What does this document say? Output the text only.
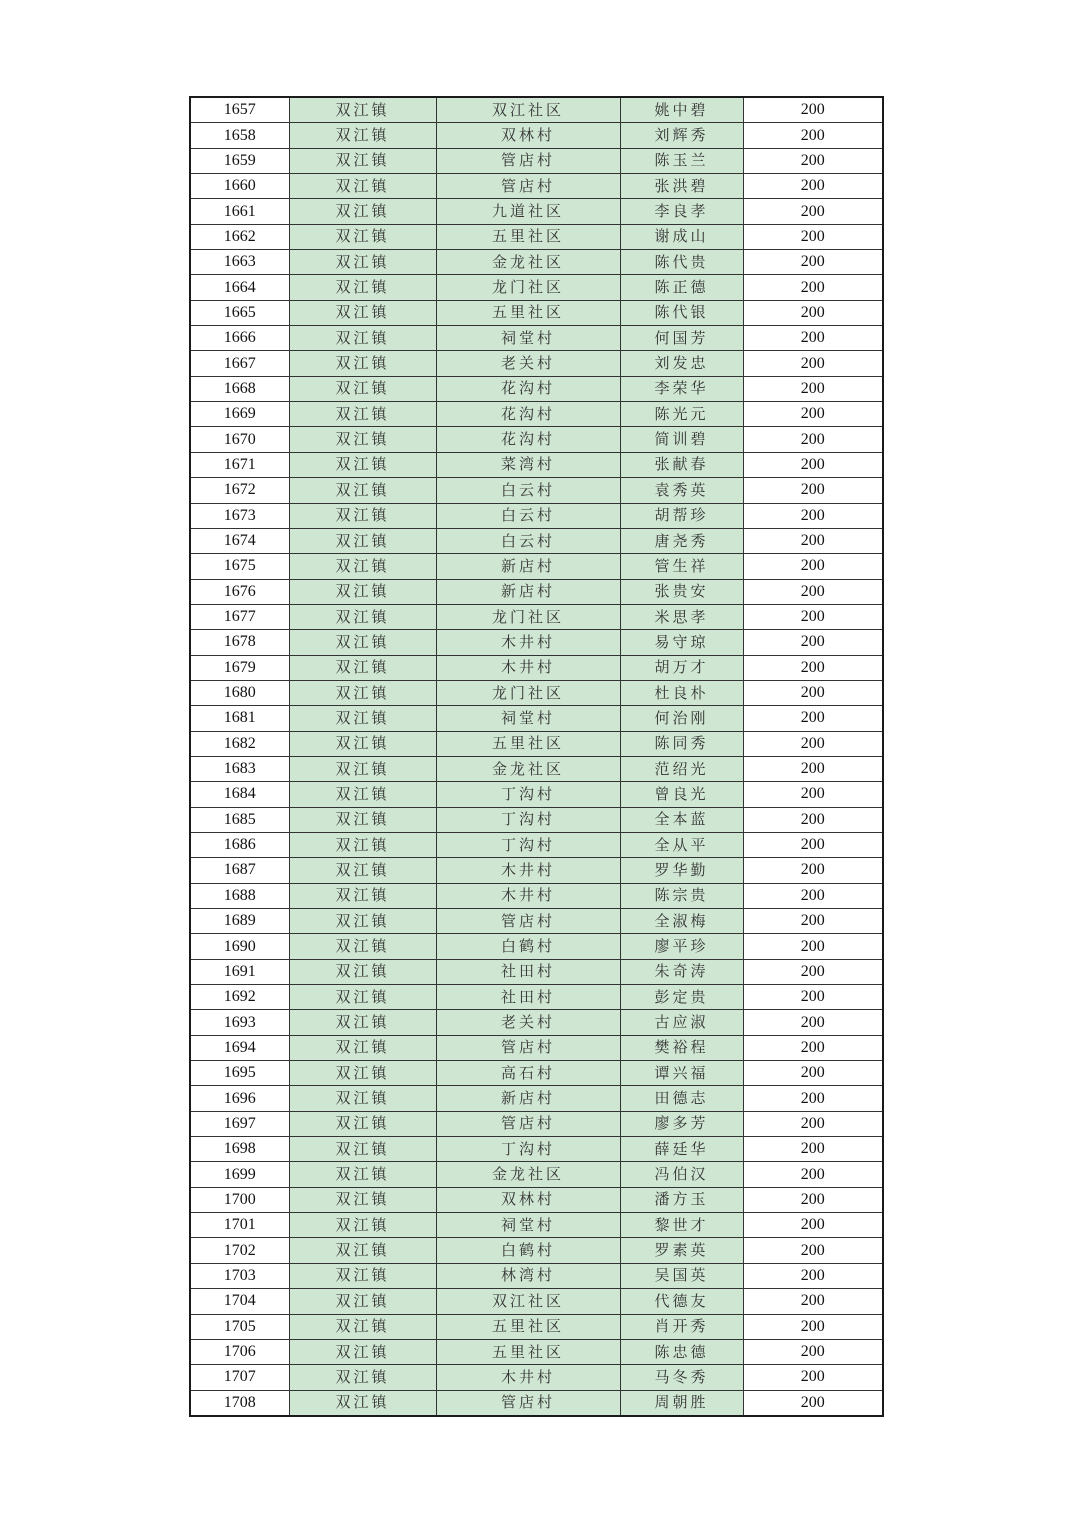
1657	双江镇	双江社区	姚中碧	200
1658	双江镇	双林村	刘辉秀	200
1659	双江镇	管店村	陈玉兰	200
1660	双江镇	管店村	张洪碧	200
1661	双江镇	九道社区	李良孝	200
1662	双江镇	五里社区	谢成山	200
1663	双江镇	金龙社区	陈代贵	200
1664	双江镇	龙门社区	陈正德	200
1665	双江镇	五里社区	陈代银	200
1666	双江镇	祠堂村	何国芳	200
1667	双江镇	老关村	刘发忠	200
1668	双江镇	花沟村	李荣华	200
1669	双江镇	花沟村	陈光元	200
1670	双江镇	花沟村	简训碧	200
1671	双江镇	菜湾村	张献春	200
1672	双江镇	白云村	袁秀英	200
1673	双江镇	白云村	胡帮珍	200
1674	双江镇	白云村	唐尧秀	200
1675	双江镇	新店村	管生祥	200
1676	双江镇	新店村	张贵安	200
1677	双江镇	龙门社区	米思孝	200
1678	双江镇	木井村	易守琼	200
1679	双江镇	木井村	胡万才	200
1680	双江镇	龙门社区	杜良朴	200
1681	双江镇	祠堂村	何治刚	200
1682	双江镇	五里社区	陈同秀	200
1683	双江镇	金龙社区	范绍光	200
1684	双江镇	丁沟村	曾良光	200
1685	双江镇	丁沟村	全本蓝	200
1686	双江镇	丁沟村	全从平	200
1687	双江镇	木井村	罗华勤	200
1688	双江镇	木井村	陈宗贵	200
1689	双江镇	管店村	全淑梅	200
1690	双江镇	白鹤村	廖平珍	200
1691	双江镇	社田村	朱奇涛	200
1692	双江镇	社田村	彭定贵	200
1693	双江镇	老关村	古应淑	200
1694	双江镇	管店村	樊裕程	200
1695	双江镇	高石村	谭兴福	200
1696	双江镇	新店村	田德志	200
1697	双江镇	管店村	廖多芳	200
1698	双江镇	丁沟村	薛廷华	200
1699	双江镇	金龙社区	冯伯汉	200
1700	双江镇	双林村	潘方玉	200
1701	双江镇	祠堂村	黎世才	200
1702	双江镇	白鹤村	罗素英	200
1703	双江镇	林湾村	吴国英	200
1704	双江镇	双江社区	代德友	200
1705	双江镇	五里社区	肖开秀	200
1706	双江镇	五里社区	陈忠德	200
1707	双江镇	木井村	马冬秀	200
1708	双江镇	管店村	周朝胜	200
